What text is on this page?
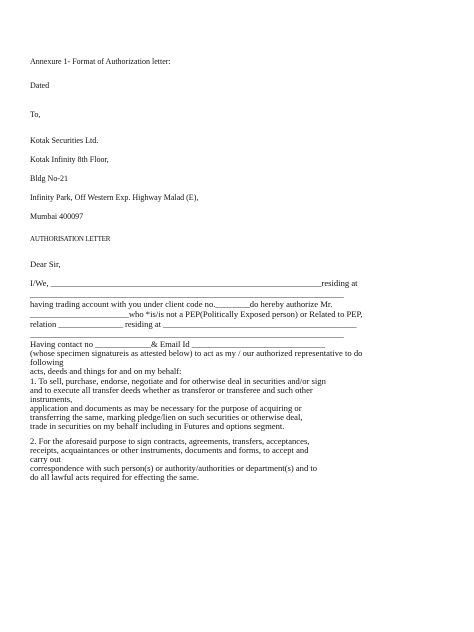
Annexure 1- Format of Authorization letter:
Dated
To,
Kotak Securities Ltd.
Kotak Infinity 8th Floor,
Bldg No-21
Infinity Park, Off Western Exp. Highway Malad (E),
Mumbai 400097
AUTHORISATION LETTER
Dear Sir,
I/We, _______________________________________________________________residing at
_________________________________________________________________________
having trading account with you under client code no.________do hereby authorize Mr.
_______________________who *is/is not a PEP(Politically Exposed person) or Related to PEP,
relation _______________ residing at _____________________________________________
_________________________________________________________________________
Having contact no _____________& Email Id _______________________________
(whose specimen signatureis as attested below) to act as my / our authorized representative to do
following
acts, deeds and things for and on my behalf:
1. To sell, purchase, endorse, negotiate and for otherwise deal in securities and/or sign
and to execute all transfer deeds whether as transferor or transferee and such other
instruments,
application and documents as may be necessary for the purpose of acquiring or
transferring the same, marking pledge/lien on such securities or otherwise deal,
trade in securities on my behalf including in Futures and options segment.
2. For the aforesaid purpose to sign contracts, agreements, transfers, acceptances,
receipts, acquaintances or other instruments, documents and forms, to accept and
carry out
correspondence with such person(s) or authority/authorities or department(s) and to
do all lawful acts required for effecting the same.
